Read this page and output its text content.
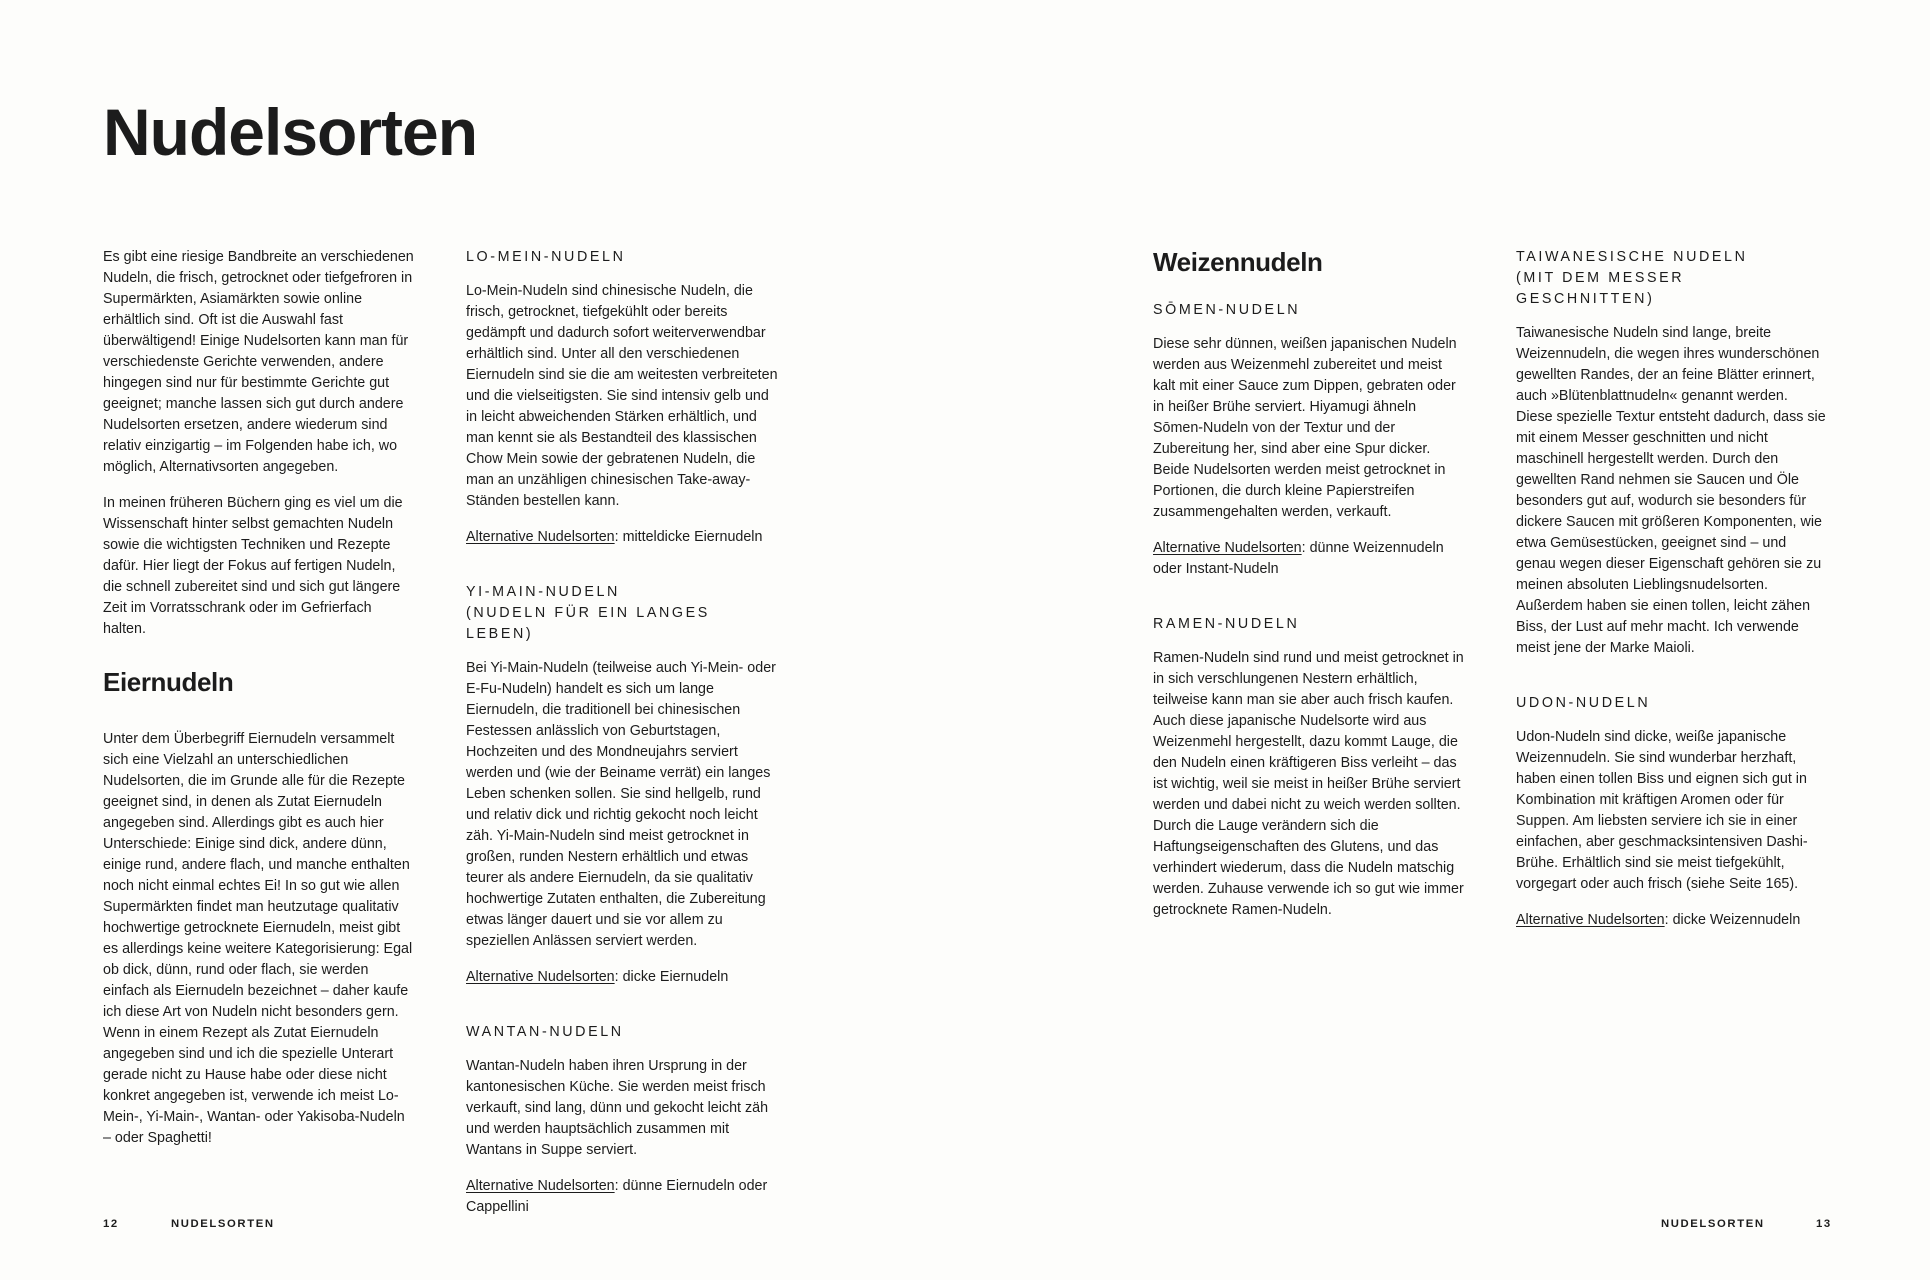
Nudelsorten

Es gibt eine riesige Bandbreite an verschiedenen Nudeln, die frisch, getrocknet oder tiefgefroren in Supermärkten, Asiamärkten sowie online erhältlich sind. Oft ist die Auswahl fast überwältigend! Einige Nudelsorten kann man für verschiedenste Gerichte verwenden, andere hingegen sind nur für bestimmte Gerichte gut geeignet; manche lassen sich gut durch andere Nudelsorten ersetzen, andere wiederum sind relativ einzigartig – im Folgenden habe ich, wo möglich, Alternativsorten angegeben.

In meinen früheren Büchern ging es viel um die Wissenschaft hinter selbst gemachten Nudeln sowie die wichtigsten Techniken und Rezepte dafür. Hier liegt der Fokus auf fertigen Nudeln, die schnell zubereitet sind und sich gut längere Zeit im Vorratsschrank oder im Gefrierfach halten.

Eiernudeln

Unter dem Überbegriff Eiernudeln versammelt sich eine Vielzahl an unterschiedlichen Nudelsorten, die im Grunde alle für die Rezepte geeignet sind, in denen als Zutat Eiernudeln angegeben sind. Allerdings gibt es auch hier Unterschiede: Einige sind dick, andere dünn, einige rund, andere flach, und manche enthalten noch nicht einmal echtes Ei! In so gut wie allen Supermärkten findet man heutzutage qualitativ hochwertige getrocknete Eiernudeln, meist gibt es allerdings keine weitere Kategorisierung: Egal ob dick, dünn, rund oder flach, sie werden einfach als Eiernudeln bezeichnet – daher kaufe ich diese Art von Nudeln nicht besonders gern. Wenn in einem Rezept als Zutat Eiernudeln angegeben sind und ich die spezielle Unterart gerade nicht zu Hause habe oder diese nicht konkret angegeben ist, verwende ich meist Lo-Mein-, Yi-Main-, Wantan- oder Yakisoba-Nudeln – oder Spaghetti!

LO-MEIN-NUDELN

Lo-Mein-Nudeln sind chinesische Nudeln, die frisch, getrocknet, tiefgekühlt oder bereits gedämpft und dadurch sofort weiterverwendbar erhältlich sind. Unter all den verschiedenen Eiernudeln sind sie die am weitesten verbreiteten und die vielseitigsten. Sie sind intensiv gelb und in leicht abweichenden Stärken erhältlich, und man kennt sie als Bestandteil des klassischen Chow Mein sowie der gebratenen Nudeln, die man an unzähligen chinesischen Take-away-Ständen bestellen kann.

Alternative Nudelsorten: mitteldicke Eiernudeln

YI-MAIN-NUDELN
(NUDELN FÜR EIN LANGES LEBEN)

Bei Yi-Main-Nudeln (teilweise auch Yi-Mein- oder E-Fu-Nudeln) handelt es sich um lange Eiernudeln, die traditionell bei chinesischen Festessen anlässlich von Geburtstagen, Hochzeiten und des Mondneujahrs serviert werden und (wie der Beiname verrät) ein langes Leben schenken sollen. Sie sind hellgelb, rund und relativ dick und richtig gekocht noch leicht zäh. Yi-Main-Nudeln sind meist getrocknet in großen, runden Nestern erhältlich und etwas teurer als andere Eiernudeln, da sie qualitativ hochwertige Zutaten enthalten, die Zubereitung etwas länger dauert und sie vor allem zu speziellen Anlässen serviert werden.

Alternative Nudelsorten: dicke Eiernudeln

WANTAN-NUDELN

Wantan-Nudeln haben ihren Ursprung in der kantonesischen Küche. Sie werden meist frisch verkauft, sind lang, dünn und gekocht leicht zäh und werden hauptsächlich zusammen mit Wantans in Suppe serviert.

Alternative Nudelsorten: dünne Eiernudeln oder Cappellini

Weizennudeln
SŌMEN-NUDELN

Diese sehr dünnen, weißen japanischen Nudeln werden aus Weizenmehl zubereitet und meist kalt mit einer Sauce zum Dippen, gebraten oder in heißer Brühe serviert. Hiyamugi ähneln Sōmen-Nudeln von der Textur und der Zubereitung her, sind aber eine Spur dicker. Beide Nudelsorten werden meist getrocknet in Portionen, die durch kleine Papierstreifen zusammengehalten werden, verkauft.

Alternative Nudelsorten: dünne Weizennudeln oder Instant-Nudeln

RAMEN-NUDELN

Ramen-Nudeln sind rund und meist getrocknet in in sich verschlungenen Nestern erhältlich, teilweise kann man sie aber auch frisch kaufen. Auch diese japanische Nudelsorte wird aus Weizenmehl hergestellt, dazu kommt Lauge, die den Nudeln einen kräftigeren Biss verleiht – das ist wichtig, weil sie meist in heißer Brühe serviert werden und dabei nicht zu weich werden sollten. Durch die Lauge verändern sich die Haftungseigenschaften des Glutens, und das verhindert wiederum, dass die Nudeln matschig werden. Zuhause verwende ich so gut wie immer getrocknete Ramen-Nudeln.

TAIWANESISCHE NUDELN
(MIT DEM MESSER GESCHNITTEN)

Taiwanesische Nudeln sind lange, breite Weizennudeln, die wegen ihres wunderschönen gewellten Randes, der an feine Blätter erinnert, auch »Blütenblattnudeln« genannt werden. Diese spezielle Textur entsteht dadurch, dass sie mit einem Messer geschnitten und nicht maschinell hergestellt werden. Durch den gewellten Rand nehmen sie Saucen und Öle besonders gut auf, wodurch sie besonders für dickere Saucen mit größeren Komponenten, wie etwa Gemüsestücken, geeignet sind – und genau wegen dieser Eigenschaft gehören sie zu meinen absoluten Lieblingsnudelsorten. Außerdem haben sie einen tollen, leicht zähen Biss, der Lust auf mehr macht. Ich verwende meist jene der Marke Maioli.

UDON-NUDELN

Udon-Nudeln sind dicke, weiße japanische Weizennudeln. Sie sind wunderbar herzhaft, haben einen tollen Biss und eignen sich gut in Kombination mit kräftigen Aromen oder für Suppen. Am liebsten serviere ich sie in einer einfachen, aber geschmacksintensiven Dashi-Brühe. Erhältlich sind sie meist tiefgekühlt, vorgegart oder auch frisch (siehe Seite 165).

Alternative Nudelsorten: dicke Weizennudeln

12	NUDELSORTEN	NUDELSORTEN	13
